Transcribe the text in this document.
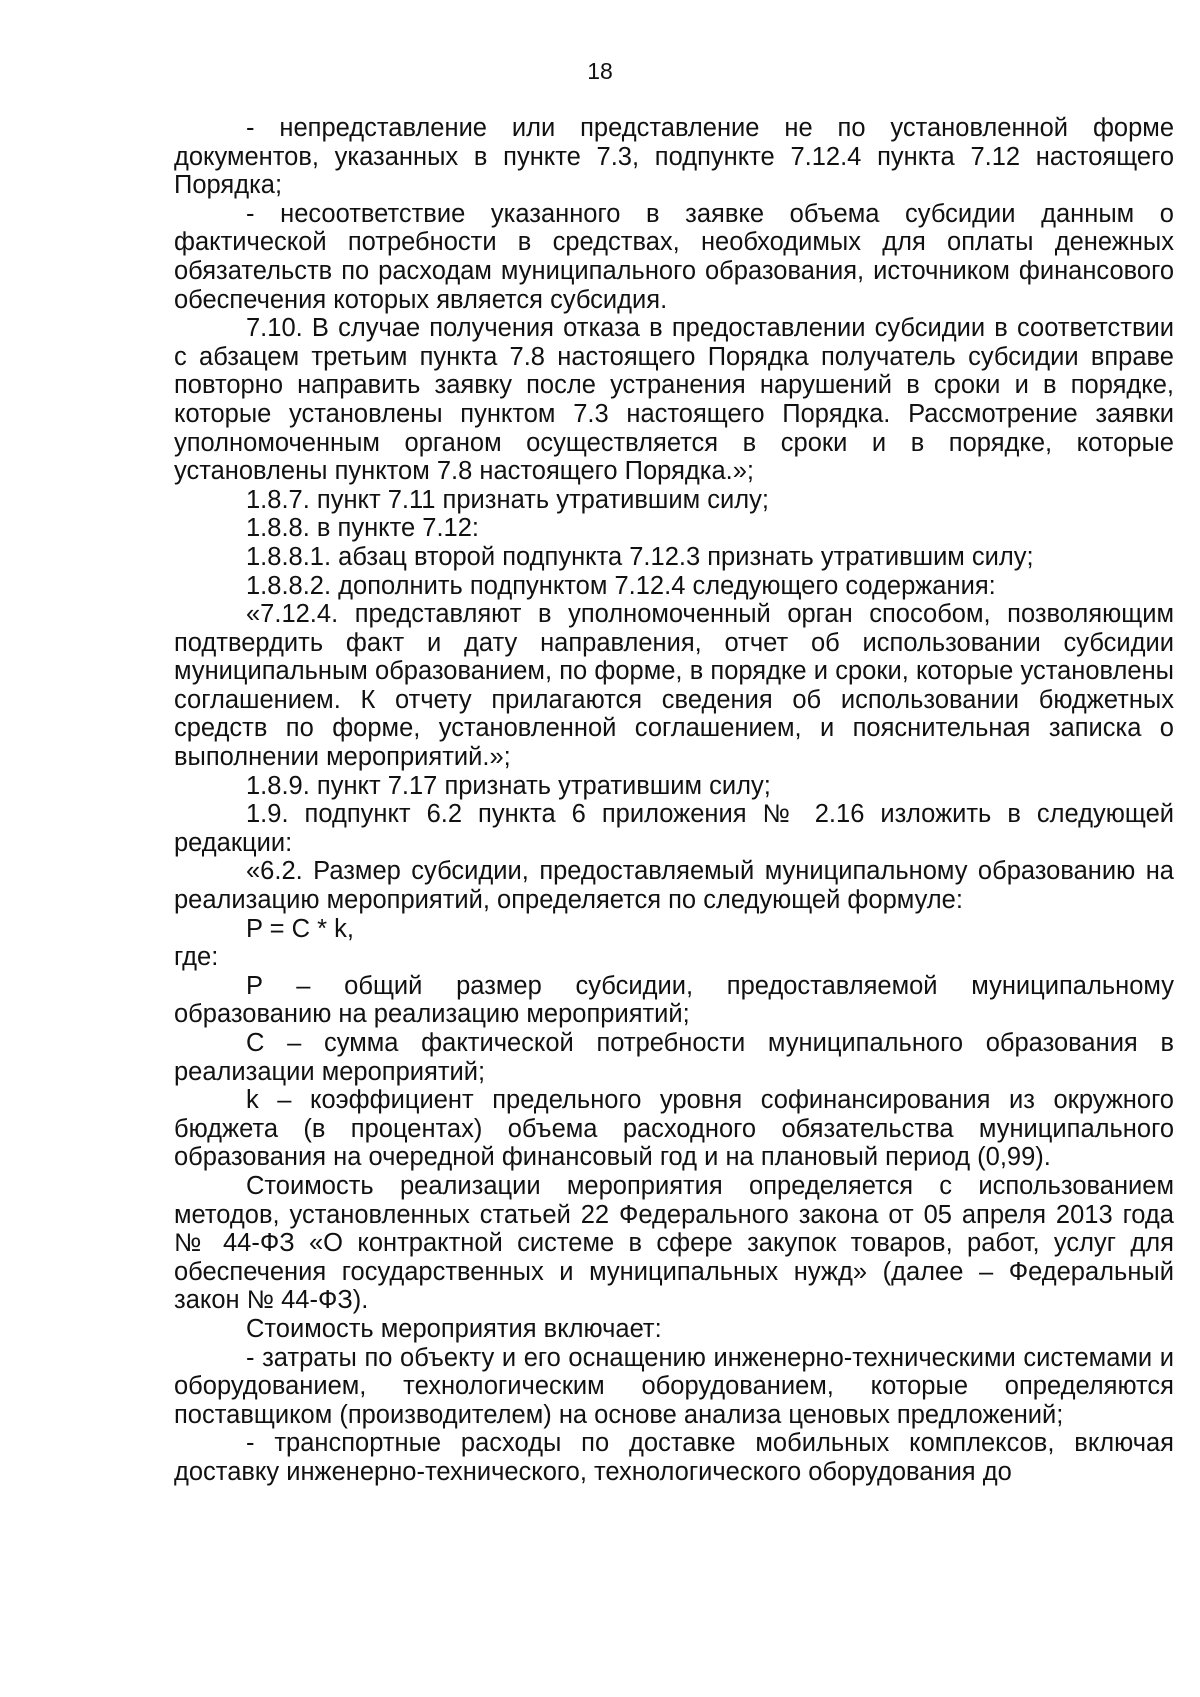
18

- непредставление или представление не по установленной форме документов, указанных в пункте 7.3, подпункте 7.12.4 пункта 7.12 настоящего Порядка;

- несоответствие указанного в заявке объема субсидии данным о фактической потребности в средствах, необходимых для оплаты денежных обязательств по расходам муниципального образования, источником финансового обеспечения которых является субсидия.

7.10. В случае получения отказа в предоставлении субсидии в соответствии с абзацем третьим пункта 7.8 настоящего Порядка получатель субсидии вправе повторно направить заявку после устранения нарушений в сроки и в порядке, которые установлены пунктом 7.3 настоящего Порядка. Рассмотрение заявки уполномоченным органом осуществляется в сроки и в порядке, которые установлены пунктом 7.8 настоящего Порядка.»;

1.8.7. пункт 7.11 признать утратившим силу;

1.8.8. в пункте 7.12:

1.8.8.1. абзац второй подпункта 7.12.3 признать утратившим силу;

1.8.8.2. дополнить подпунктом 7.12.4 следующего содержания:

«7.12.4. представляют в уполномоченный орган способом, позволяющим подтвердить факт и дату направления, отчет об использовании субсидии муниципальным образованием, по форме, в порядке и сроки, которые установлены соглашением. К отчету прилагаются сведения об использовании бюджетных средств по форме, установленной соглашением, и пояснительная записка о выполнении мероприятий.»;

1.8.9. пункт 7.17 признать утратившим силу;

1.9. подпункт 6.2 пункта 6 приложения № 2.16 изложить в следующей редакции:

«6.2. Размер субсидии, предоставляемый муниципальному образованию на реализацию мероприятий, определяется по следующей формуле:

P = C * k,

где:

P – общий размер субсидии, предоставляемой муниципальному образованию на реализацию мероприятий;

C – сумма фактической потребности муниципального образования в реализации мероприятий;

k – коэффициент предельного уровня софинансирования из окружного бюджета (в процентах) объема расходного обязательства муниципального образования на очередной финансовый год и на плановый период (0,99).

Стоимость реализации мероприятия определяется с использованием методов, установленных статьей 22 Федерального закона от 05 апреля 2013 года № 44-ФЗ «О контрактной системе в сфере закупок товаров, работ, услуг для обеспечения государственных и муниципальных нужд» (далее – Федеральный закон № 44-ФЗ).

Стоимость мероприятия включает:

- затраты по объекту и его оснащению инженерно-техническими системами и оборудованием, технологическим оборудованием, которые определяются поставщиком (производителем) на основе анализа ценовых предложений;

- транспортные расходы по доставке мобильных комплексов, включая доставку инженерно-технического, технологического оборудования до
